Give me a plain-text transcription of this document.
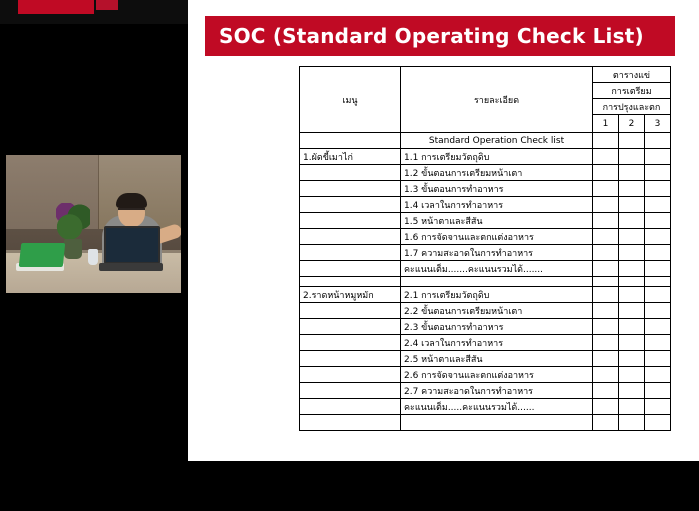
SOC (Standard Operating Check List)
เมนู	รายละเอียด	ตารางแข่		
		การเตรียม		
		การปรุงและตก		
		1	2	3
	Standard Operation Check list			
1.ผัดขี้เมาไก่	1.1 การเตรียมวัตถุดิบ			
	1.2 ขั้นตอนการเตรียมหน้าเตา			
	1.3 ขั้นตอนการทำอาหาร			
	1.4 เวลาในการทำอาหาร			
	1.5 หน้าตาและสีสัน			
	1.6 การจัดจานและตกแต่งอาหาร			
	1.7 ความสะอาดในการทำอาหาร			
	คะแนนเต็ม.......คะแนนรวมได้.......			

2.ราดหน้าหมูหมัก	2.1 การเตรียมวัตถุดิบ			
	2.2 ขั้นตอนการเตรียมหน้าเตา			
	2.3 ขั้นตอนการทำอาหาร			
	2.4 เวลาในการทำอาหาร			
	2.5 หน้าตาและสีสัน			
	2.6 การจัดจานและตกแต่งอาหาร			
	2.7 ความสะอาดในการทำอาหาร			
	คะแนนเต็ม.....คะแนนรวมได้......			
